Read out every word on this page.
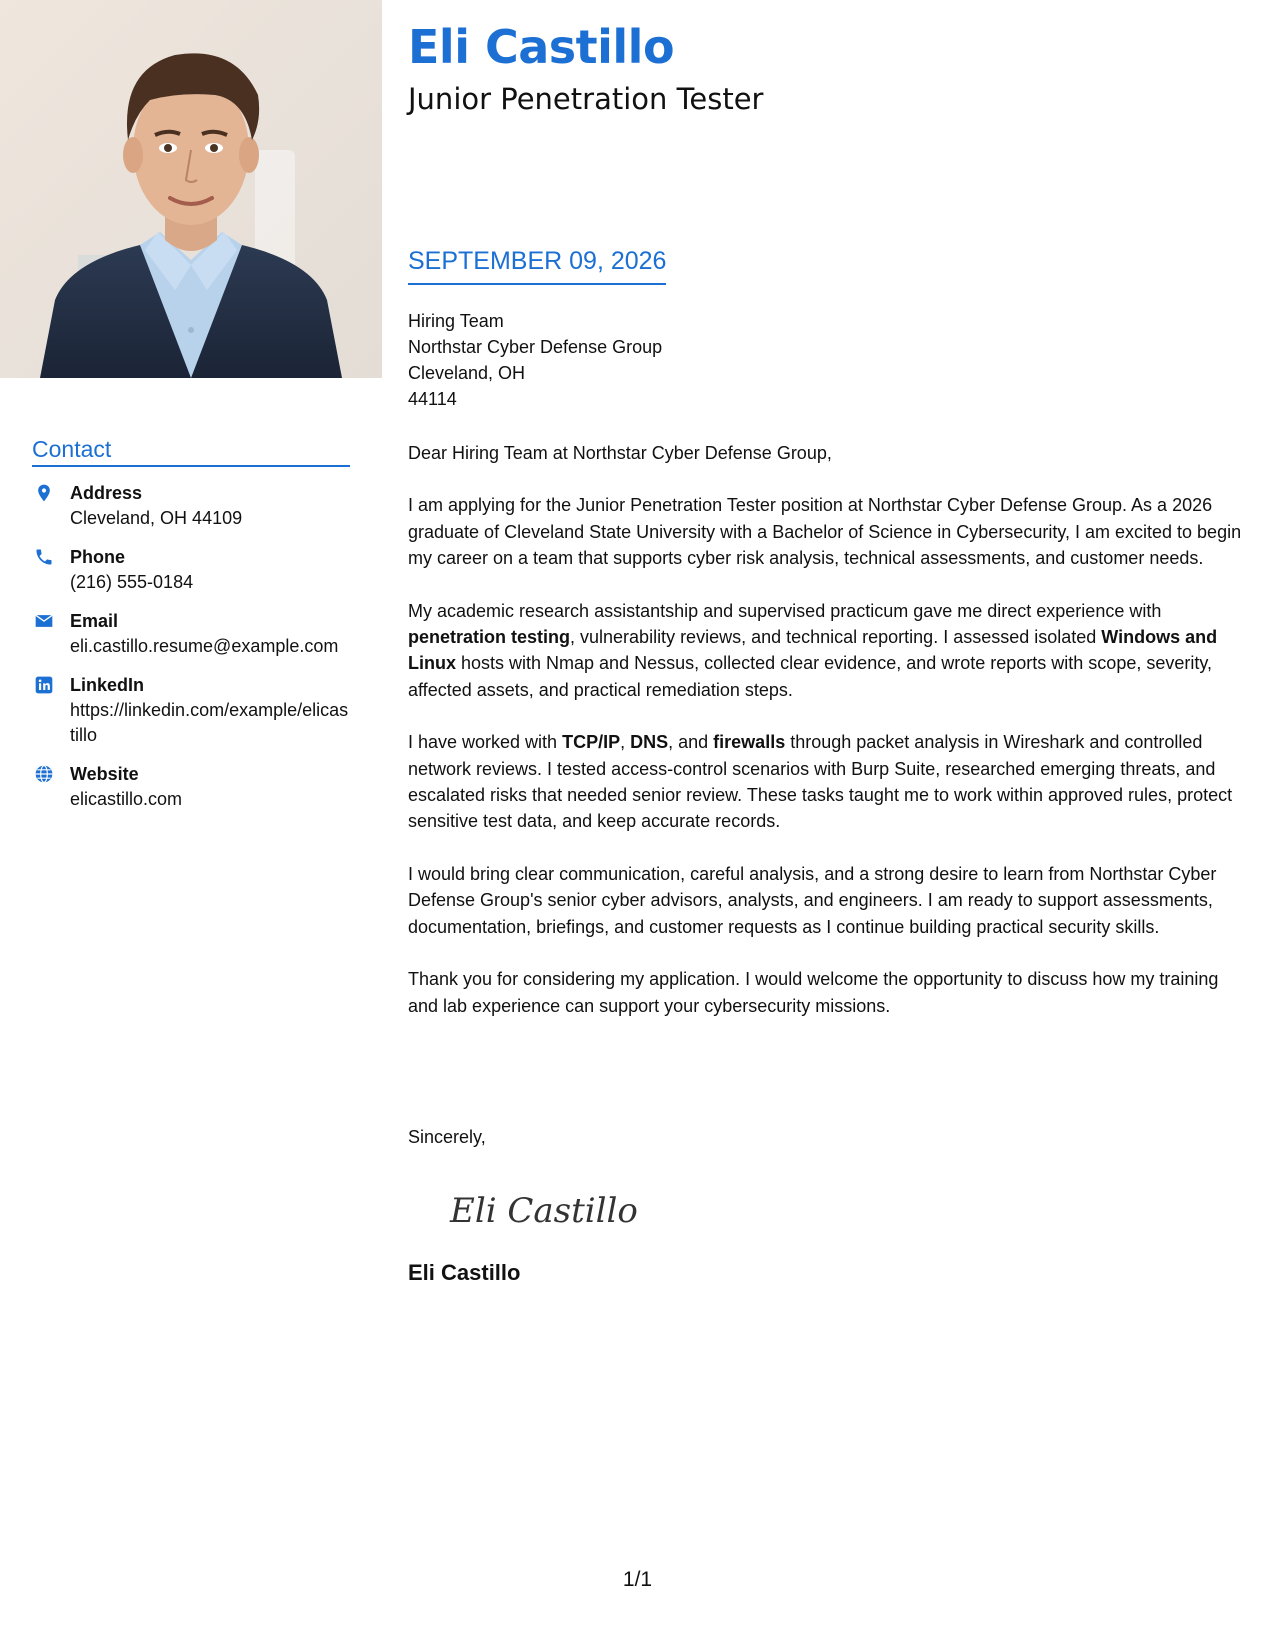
Eli Castillo
Junior Penetration Tester
SEPTEMBER 09, 2026
Hiring Team
Northstar Cyber Defense Group
Cleveland, OH
44114

Dear Hiring Team at Northstar Cyber Defense Group,

I am applying for the Junior Penetration Tester position at Northstar Cyber Defense Group. As a 2026 graduate of Cleveland State University with a Bachelor of Science in Cybersecurity, I am excited to begin my career on a team that supports cyber risk analysis, technical assessments, and customer needs.

My academic research assistantship and supervised practicum gave me direct experience with penetration testing, vulnerability reviews, and technical reporting. I assessed isolated Windows and Linux hosts with Nmap and Nessus, collected clear evidence, and wrote reports with scope, severity, affected assets, and practical remediation steps.

I have worked with TCP/IP, DNS, and firewalls through packet analysis in Wireshark and controlled network reviews. I tested access-control scenarios with Burp Suite, researched emerging threats, and escalated risks that needed senior review. These tasks taught me to work within approved rules, protect sensitive test data, and keep accurate records.

I would bring clear communication, careful analysis, and a strong desire to learn from Northstar Cyber Defense Group's senior cyber advisors, analysts, and engineers. I am ready to support assessments, documentation, briefings, and customer requests as I continue building practical security skills.

Thank you for considering my application. I would welcome the opportunity to discuss how my training and lab experience can support your cybersecurity missions.

Sincerely,
Eli Castillo
Eli Castillo
Contact
Address
Cleveland, OH 44109
Phone
(216) 555-0184
Email
eli.castillo.resume@example.com
LinkedIn
https://linkedin.com/example/elicastillo
Website
elicastillo.com
1/1
